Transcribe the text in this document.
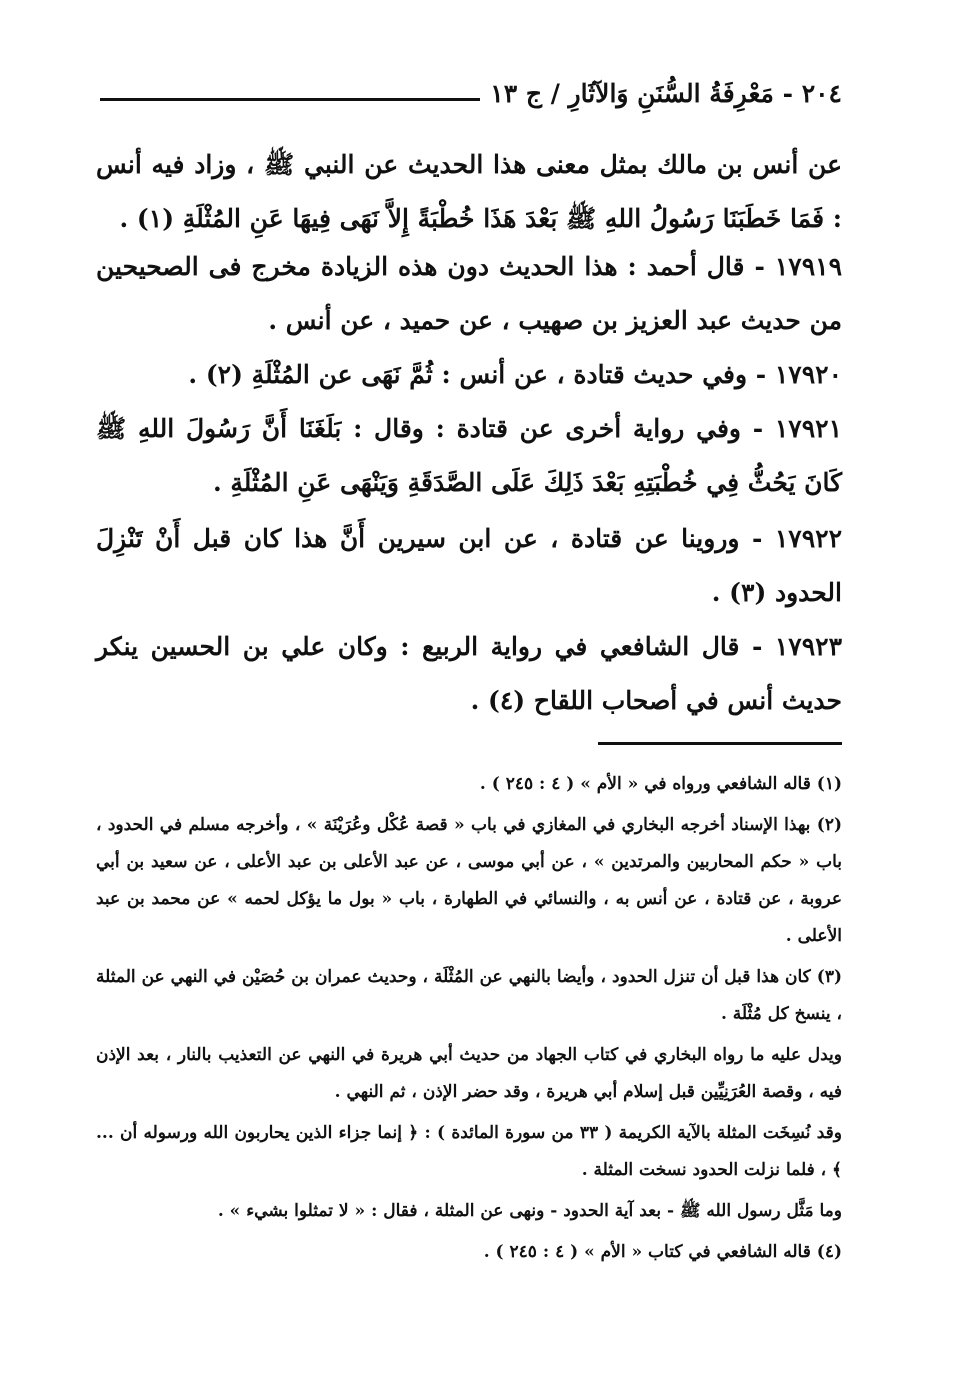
٢٠٤ - مَعْرِفَةُ السُّنَنِ وَالآثَارِ / ج ١٣

عن أنس بن مالك بمثل معنى هذا الحديث عن النبي ﷺ ، وزاد فيه أنس : فَمَا خَطَبَنَا رَسُولُ اللهِ ﷺ بَعْدَ هَذَا خُطْبَةً إِلاَّ نَهَى فِيهَا عَنِ المُثْلَةِ (١) .

١٧٩١٩ - قال أحمد : هذا الحديث دون هذه الزيادة مخرج فى الصحيحين من حديث عبد العزيز بن صهيب ، عن حميد ، عن أنس .

١٧٩٢٠ - وفي حديث قتادة ، عن أنس : ثُمَّ نَهَى عن المُثْلَةِ (٢) .

١٧٩٢١ - وفي رواية أخرى عن قتادة : وقال : بَلَغَنَا أَنَّ رَسُولَ اللهِ ﷺ كَانَ يَحُثُّ فِي خُطْبَتِهِ بَعْدَ ذَلِكَ عَلَى الصَّدَقَةِ وَيَنْهَى عَنِ المُثْلَةِ .

١٧٩٢٢ - وروينا عن قتادة ، عن ابن سيرين أَنَّ هذا كان قبل أَنْ تَنْزِلَ الحدود (٣) .

١٧٩٢٣ - قال الشافعي في رواية الربيع : وكان علي بن الحسين ينكر حديث أنس في أصحاب اللقاح (٤) .

(١) قاله الشافعي ورواه في « الأم » ( ٤ : ٢٤٥ ) .

(٢) بهذا الإسناد أخرجه البخاري في المغازي في باب « قصة عُكْل وعُرَيْنَة » ، وأخرجه مسلم في الحدود ، باب « حكم المحاربين والمرتدين » ، عن أبي موسى ، عن عبد الأعلى بن عبد الأعلى ، عن سعيد بن أبي عروبة ، عن قتادة ، عن أنس به ، والنسائي في الطهارة ، باب « بول ما يؤكل لحمه » عن محمد بن عبد الأعلى .

(٣) كان هذا قبل أن تنزل الحدود ، وأيضا بالنهي عن المُثْلَة ، وحديث عمران بن حُصَيْن في النهي عن المثلة ، ينسخ كل مُثْلَة .

ويدل عليه ما رواه البخاري في كتاب الجهاد من حديث أبي هريرة في النهي عن التعذيب بالنار ، بعد الإذن فيه ، وقصة العُرَنِيِّين قبل إسلام أبي هريرة ، وقد حضر الإذن ، ثم النهي .

وقد نُسِخَت المثلة بالآية الكريمة ( ٣٣ من سورة المائدة ) : ﴿ إنما جزاء الذين يحاربون الله ورسوله أن ... ﴾ ، فلما نزلت الحدود نسخت المثلة .

وما مَثَّل رسول الله ﷺ - بعد آية الحدود - ونهى عن المثلة ، فقال : « لا تمثلوا بشيء » .

(٤) قاله الشافعي في كتاب « الأم » ( ٤ : ٢٤٥ ) .
